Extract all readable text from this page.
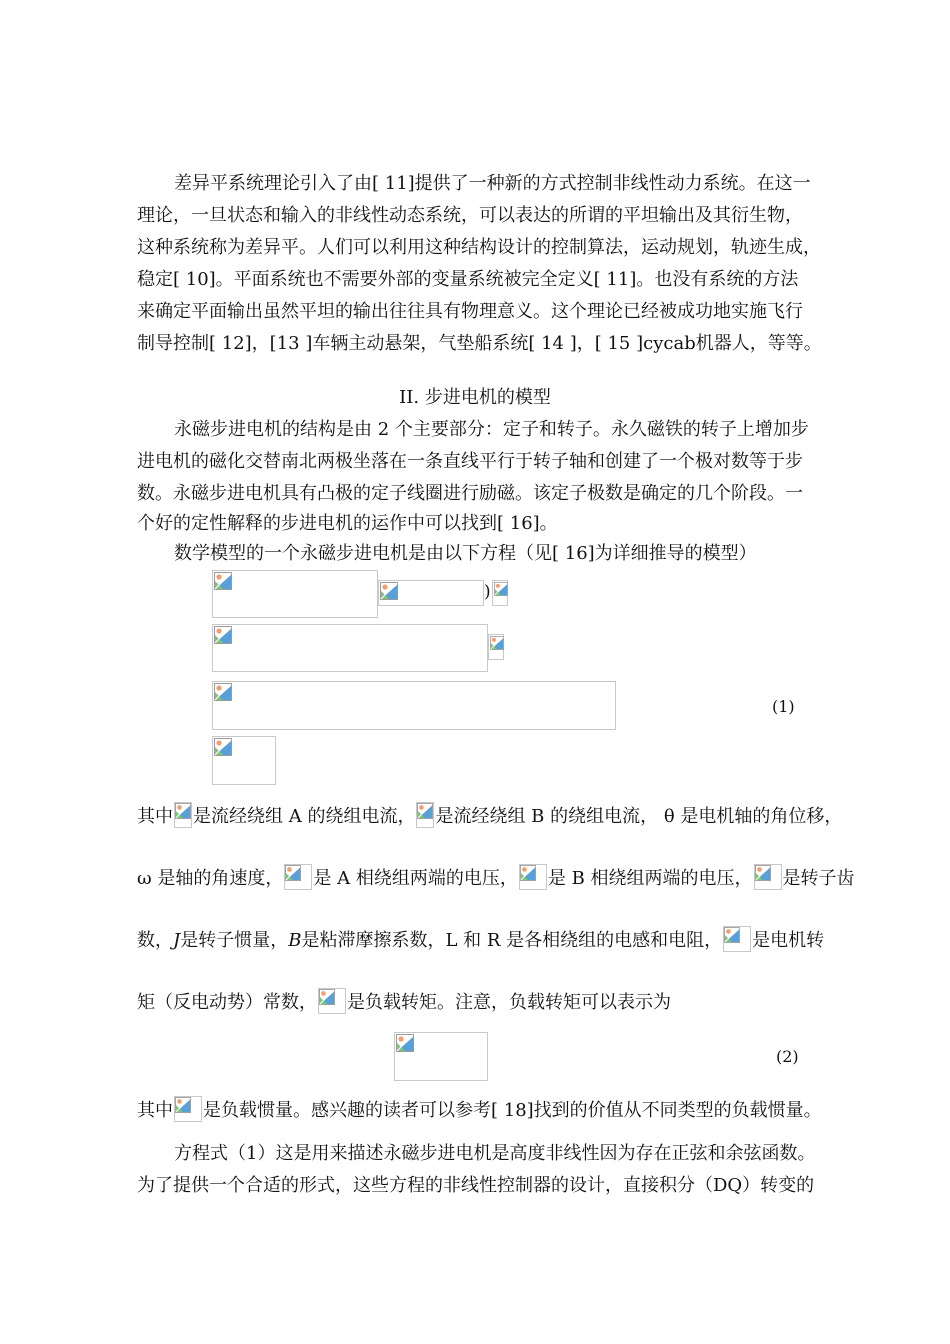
差异平系统理论引入了由[ 11]提供了一种新的方式控制非线性动力系统。在这一
理论，一旦状态和输入的非线性动态系统，可以表达的所谓的平坦输出及其衍生物，
这种系统称为差异平。人们可以利用这种结构设计的控制算法，运动规划，轨迹生成，
稳定[ 10]。平面系统也不需要外部的变量系统被完全定义[ 11]。也没有系统的方法
来确定平面输出虽然平坦的输出往往具有物理意义。这个理论已经被成功地实施飞行
制导控制[ 12]，[13 ]车辆主动悬架，气垫船系统[ 14 ]，[ 15 ]cycab机器人，等等。
II. 步进电机的模型
永磁步进电机的结构是由 2 个主要部分：定子和转子。永久磁铁的转子上增加步
进电机的磁化交替南北两极坐落在一条直线平行于转子轴和创建了一个极对数等于步
数。永磁步进电机具有凸极的定子线圈进行励磁。该定子极数是确定的几个阶段。一
个好的定性解释的步进电机的运作中可以找到[ 16]。
数学模型的一个永磁步进电机是由以下方程（见[ 16]为详细推导的模型）
)
(1)
其中 是流经绕组 A 的绕组电流， 是流经绕组 B 的绕组电流， θ 是电机轴的角位移，
ω 是轴的角速度， 是 A 相绕组两端的电压， 是 B 相绕组两端的电压， 是转子齿
数，J是转子惯量，B是粘滞摩擦系数，L 和 R 是各相绕组的电感和电阻， 是电机转
矩（反电动势）常数， 是负载转矩。注意，负载转矩可以表示为
(2)
其中 是负载惯量。感兴趣的读者可以参考[ 18]找到的价值从不同类型的负载惯量。
方程式（1）这是用来描述永磁步进电机是高度非线性因为存在正弦和余弦函数。
为了提供一个合适的形式，这些方程的非线性控制器的设计，直接积分（DQ）转变的
